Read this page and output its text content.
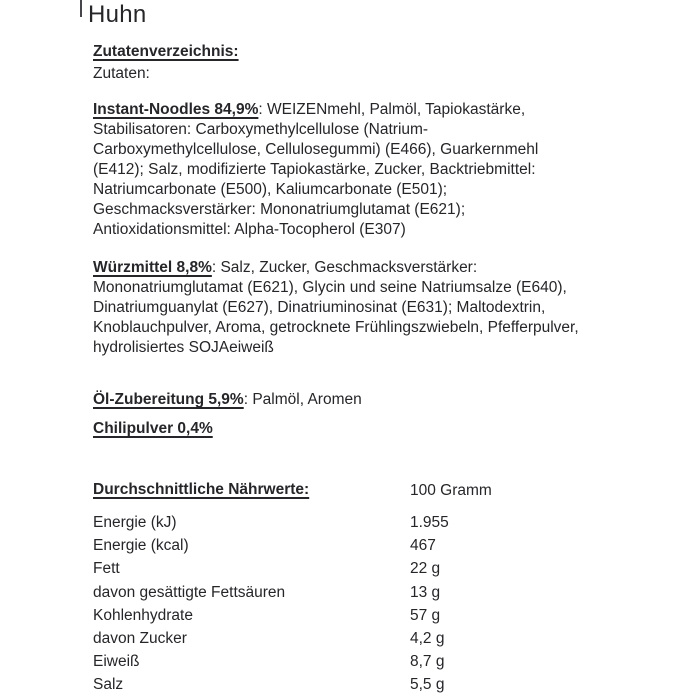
Huhn
Zutatenverzeichnis:
Zutaten:
Instant-Noodles 84,9%: WEIZENmehl, Palmöl, Tapiokastärke,
Stabilisatoren: Carboxymethylcellulose (Natrium-
Carboxymethylcellulose, Cellulosegummi) (E466), Guarkernmehl
(E412); Salz, modifizierte Tapiokastärke, Zucker, Backtriebmittel:
Natriumcarbonate (E500), Kaliumcarbonate (E501);
Geschmacksverstärker: Mononatriumglutamat (E621);
Antioxidationsmittel: Alpha-Tocopherol (E307)
Würzmittel 8,8%: Salz, Zucker, Geschmacksverstärker:
Mononatriumglutamat (E621), Glycin und seine Natriumsalze (E640),
Dinatriumguanylat (E627), Dinatriuminosinat (E631); Maltodextrin,
Knoblauchpulver, Aroma, getrocknete Frühlingszwiebeln, Pfefferpulver,
hydrolisiertes SOJAeiweiß
Öl-Zubereitung 5,9%: Palmöl, Aromen
Chilipulver 0,4%
Durchschnittliche Nährwerte:	100 Gramm
Energie (kJ)	1.955
Energie (kcal)	467
Fett	22 g
davon gesättigte Fettsäuren	13 g
Kohlenhydrate	57 g
davon Zucker	4,2 g
Eiweiß	8,7 g
Salz	5,5 g
